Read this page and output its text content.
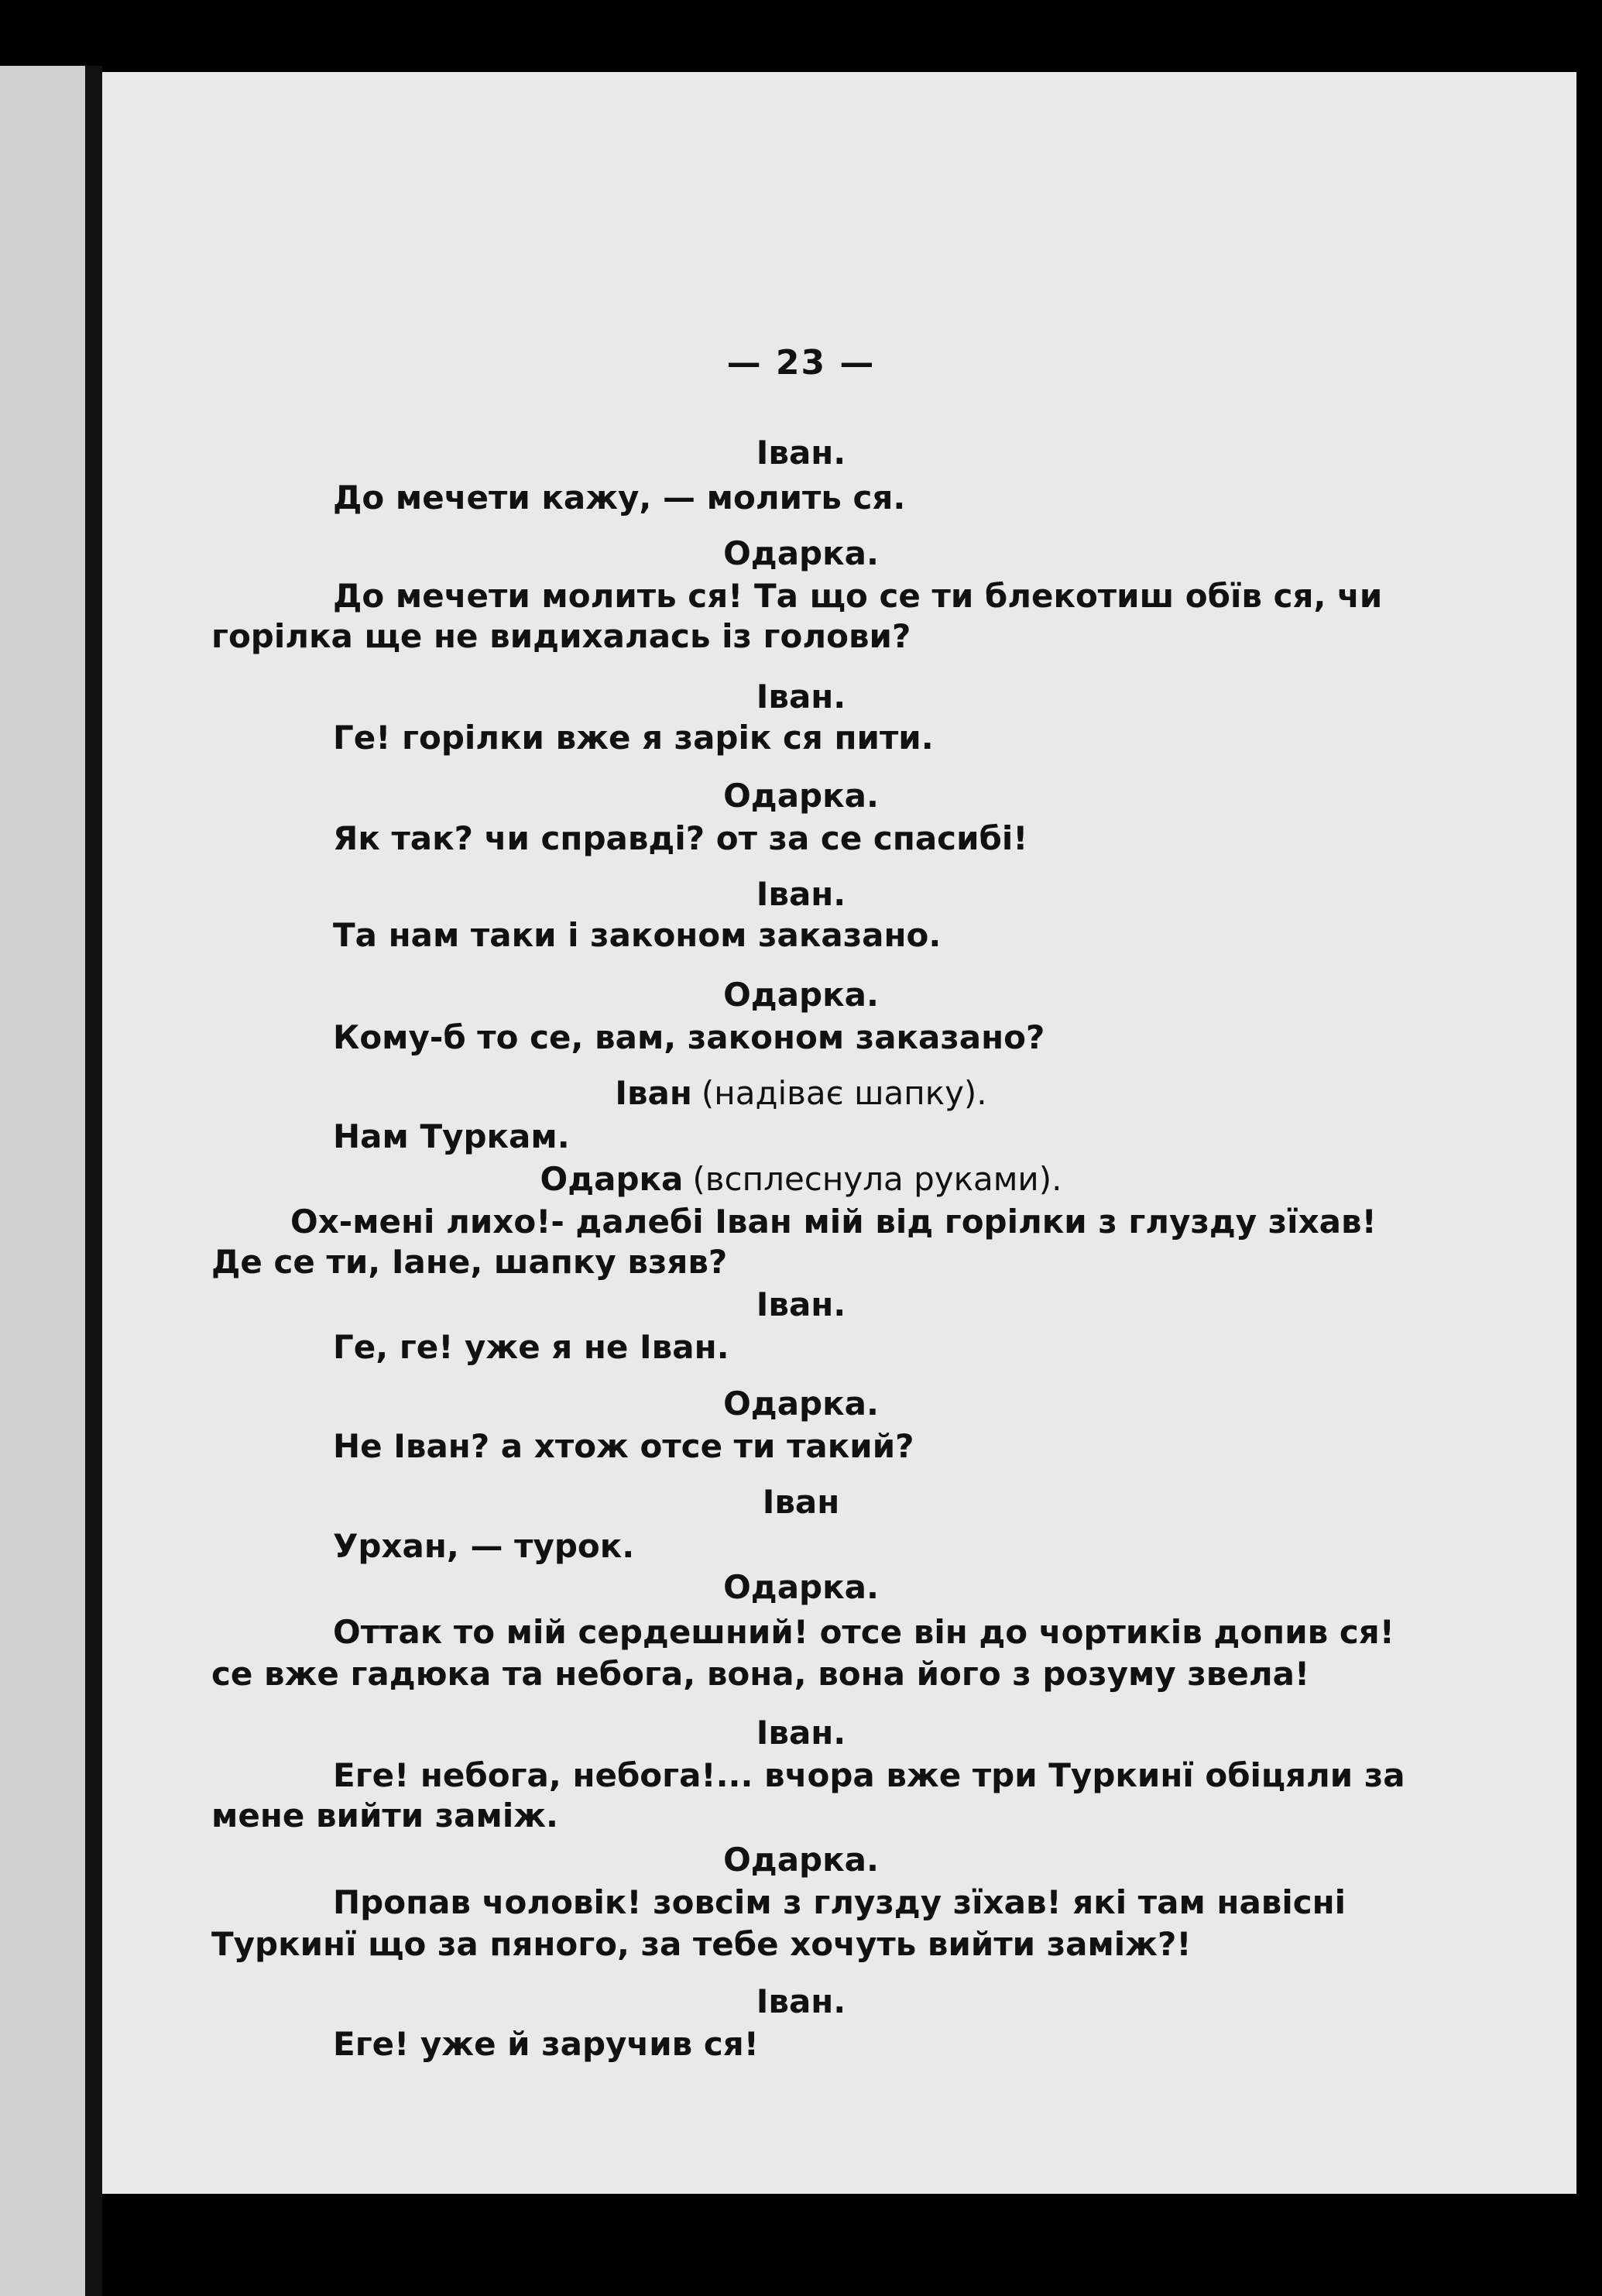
— 23 —
Іван.
До мечети кажу, — молить ся.
Одарка.
До мечети молить ся! Та що се ти блекотиш обїв ся, чи
горілка ще не видихалась із голови?
Іван.
Ге! горілки вже я зарік ся пити.
Одарка.
Як так? чи справді? от за се спасибі!
Іван.
Та нам таки і законом заказано.
Одарка.
Кому-б то се, вам, законом заказано?
Іван (надіває шапку).
Нам Туркам.
Одарка (всплеснула руками).
Ох-мені лихо!- далебі Іван мій від горілки з глузду зїхав!
Де се ти, Іане, шапку взяв?
Іван.
Ге, ге! уже я не Іван.
Одарка.
Не Іван? а хтож отсе ти такий?
Іван
Урхан, — турок.
Одарка.
Оттак то мій сердешний! отсе він до чортиків допив ся!
се вже гадюка та небога, вона, вона його з розуму звела!
Іван.
Еге! небога, небога!... вчора вже три Туркинї обіцяли за
мене вийти заміж.
Одарка.
Пропав чоловік! зовсім з глузду зїхав! які там навісні
Туркинї що за пяного, за тебе хочуть вийти заміж?!
Іван.
Еге! уже й заручив ся!
